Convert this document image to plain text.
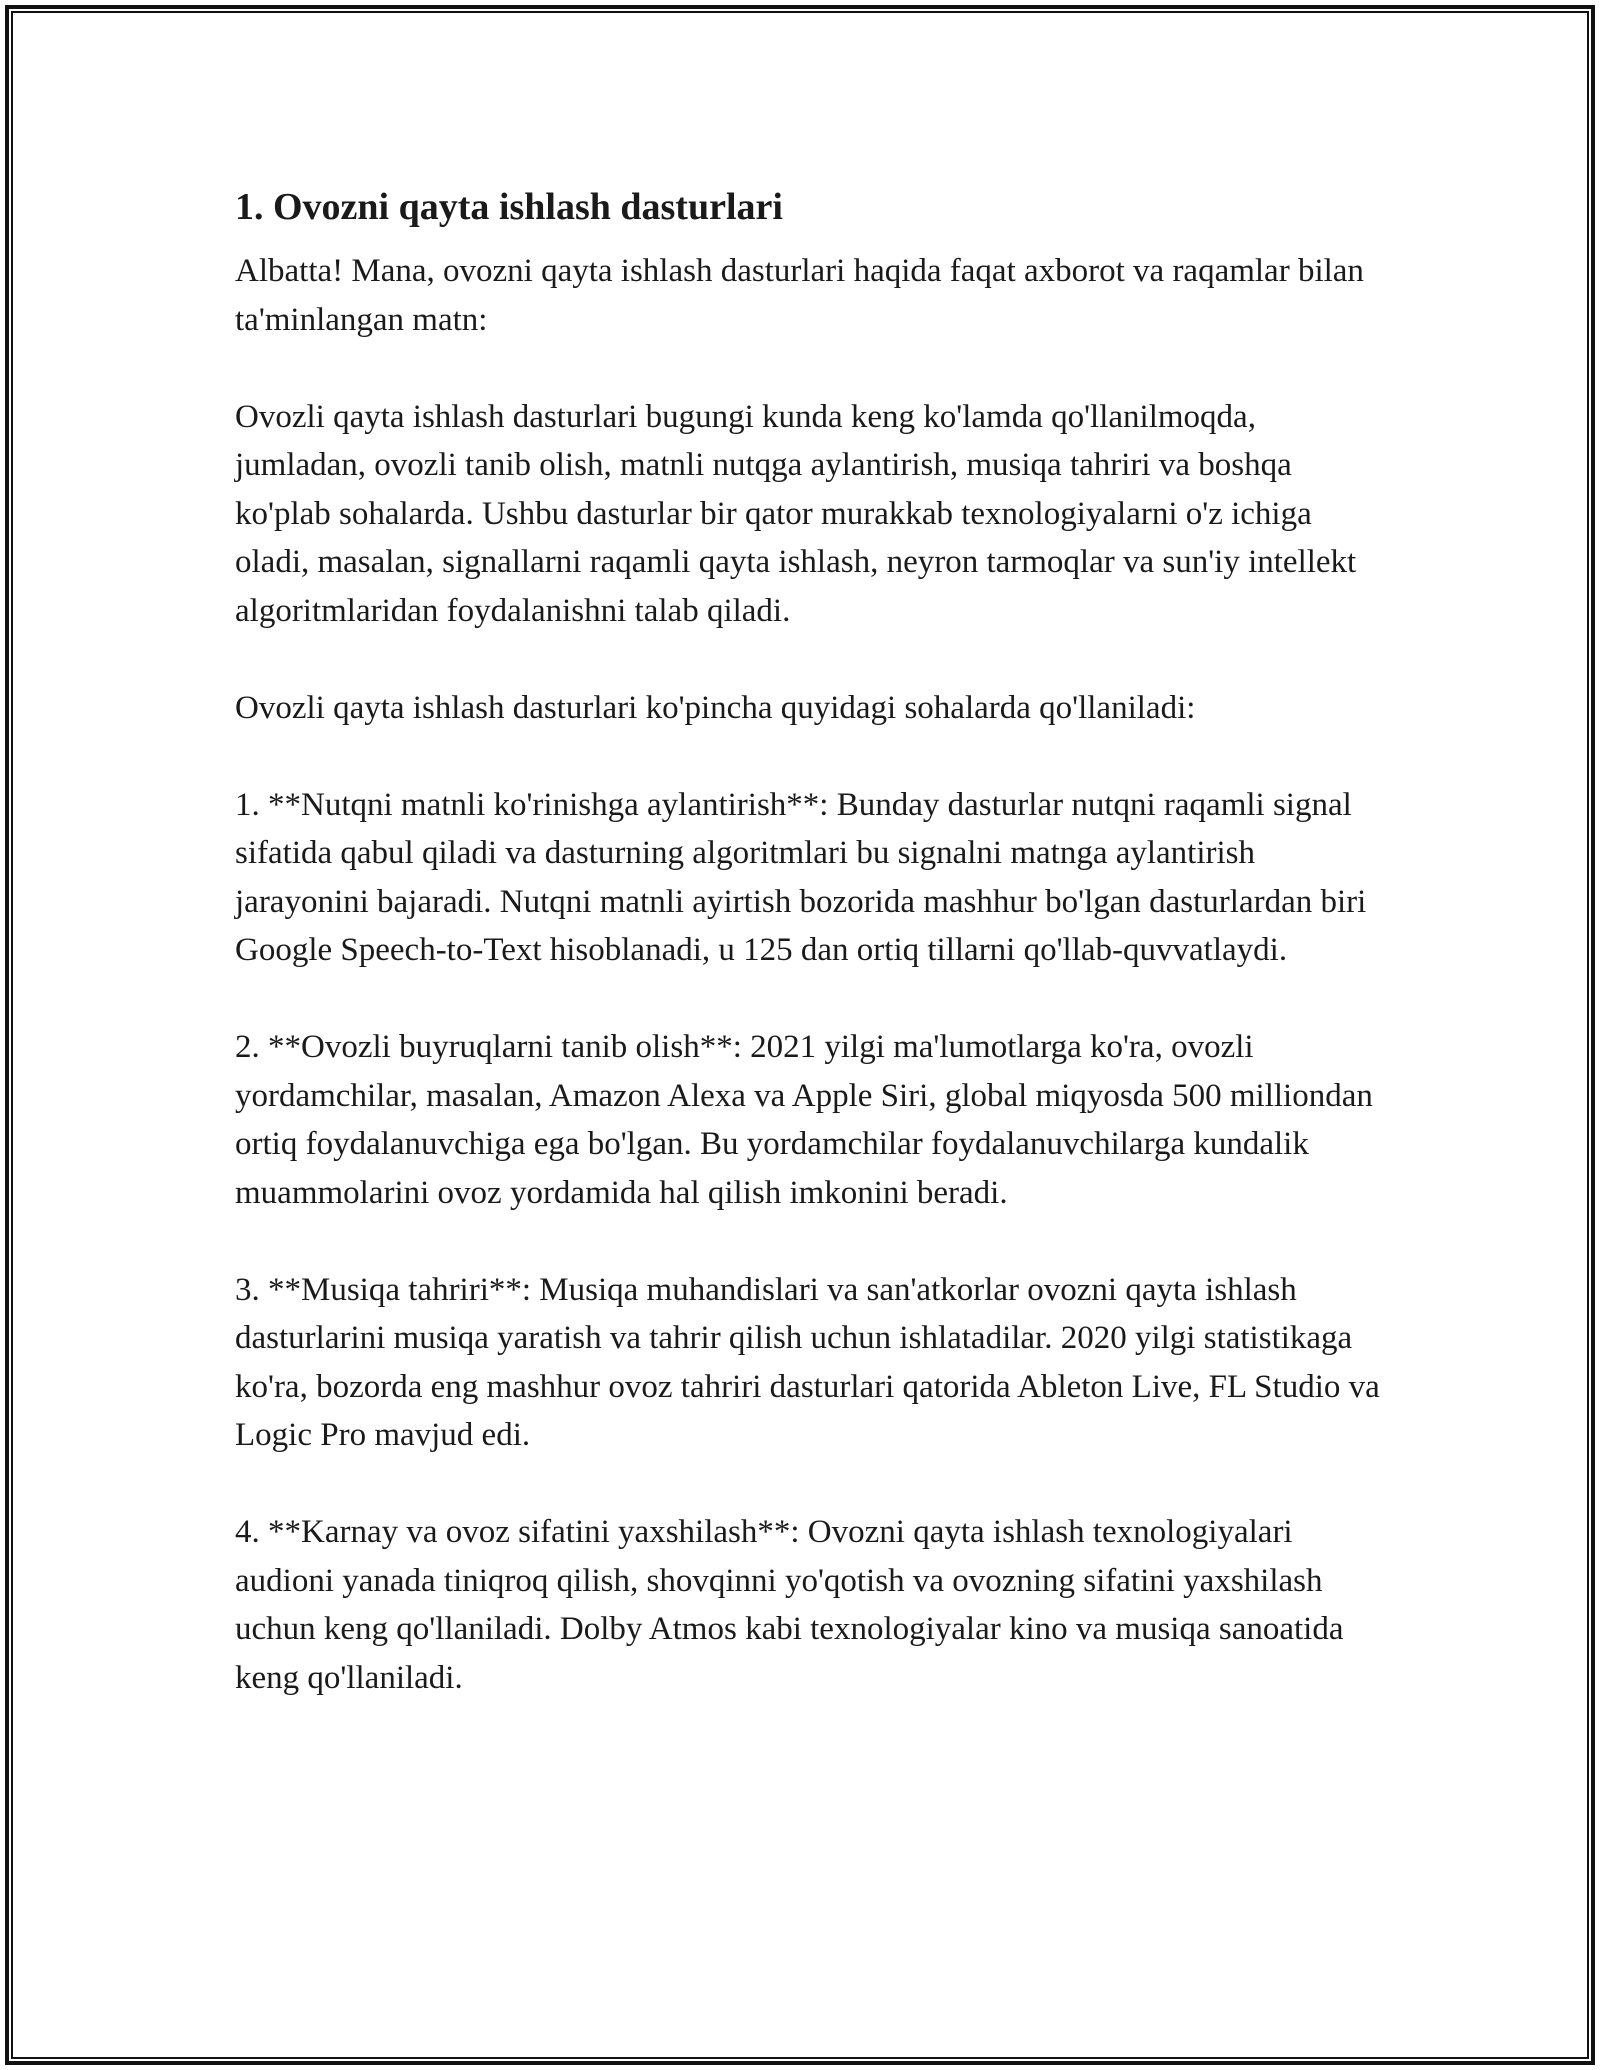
1. Ovozni qayta ishlash dasturlari

Albatta! Mana, ovozni qayta ishlash dasturlari haqida faqat axborot va raqamlar bilan ta'minlangan matn:

Ovozli qayta ishlash dasturlari bugungi kunda keng ko'lamda qo'llanilmoqda, jumladan, ovozli tanib olish, matnli nutqga aylantirish, musiqa tahriri va boshqa ko'plab sohalarda. Ushbu dasturlar bir qator murakkab texnologiyalarni o'z ichiga oladi, masalan, signallarni raqamli qayta ishlash, neyron tarmoqlar va sun'iy intellekt algoritmlaridan foydalanishni talab qiladi.

Ovozli qayta ishlash dasturlari ko'pincha quyidagi sohalarda qo'llaniladi:

1. **Nutqni matnli ko'rinishga aylantirish**: Bunday dasturlar nutqni raqamli signal sifatida qabul qiladi va dasturning algoritmlari bu signalni matnga aylantirish jarayonini bajaradi. Nutqni matnli ayirtish bozorida mashhur bo'lgan dasturlardan biri Google Speech-to-Text hisoblanadi, u 125 dan ortiq tillarni qo'llab-quvvatlaydi.

2. **Ovozli buyruqlarni tanib olish**: 2021 yilgi ma'lumotlarga ko'ra, ovozli yordamchilar, masalan, Amazon Alexa va Apple Siri, global miqyosda 500 milliondan ortiq foydalanuvchiga ega bo'lgan. Bu yordamchilar foydalanuvchilarga kundalik muammolarini ovoz yordamida hal qilish imkonini beradi.

3. **Musiqa tahriri**: Musiqa muhandislari va san'atkorlar ovozni qayta ishlash dasturlarini musiqa yaratish va tahrir qilish uchun ishlatadilar. 2020 yilgi statistikaga ko'ra, bozorda eng mashhur ovoz tahriri dasturlari qatorida Ableton Live, FL Studio va Logic Pro mavjud edi.

4. **Karnay va ovoz sifatini yaxshilash**: Ovozni qayta ishlash texnologiyalari audioni yanada tiniqroq qilish, shovqinni yo'qotish va ovozning sifatini yaxshilash uchun keng qo'llaniladi. Dolby Atmos kabi texnologiyalar kino va musiqa sanoatida keng qo'llaniladi.
